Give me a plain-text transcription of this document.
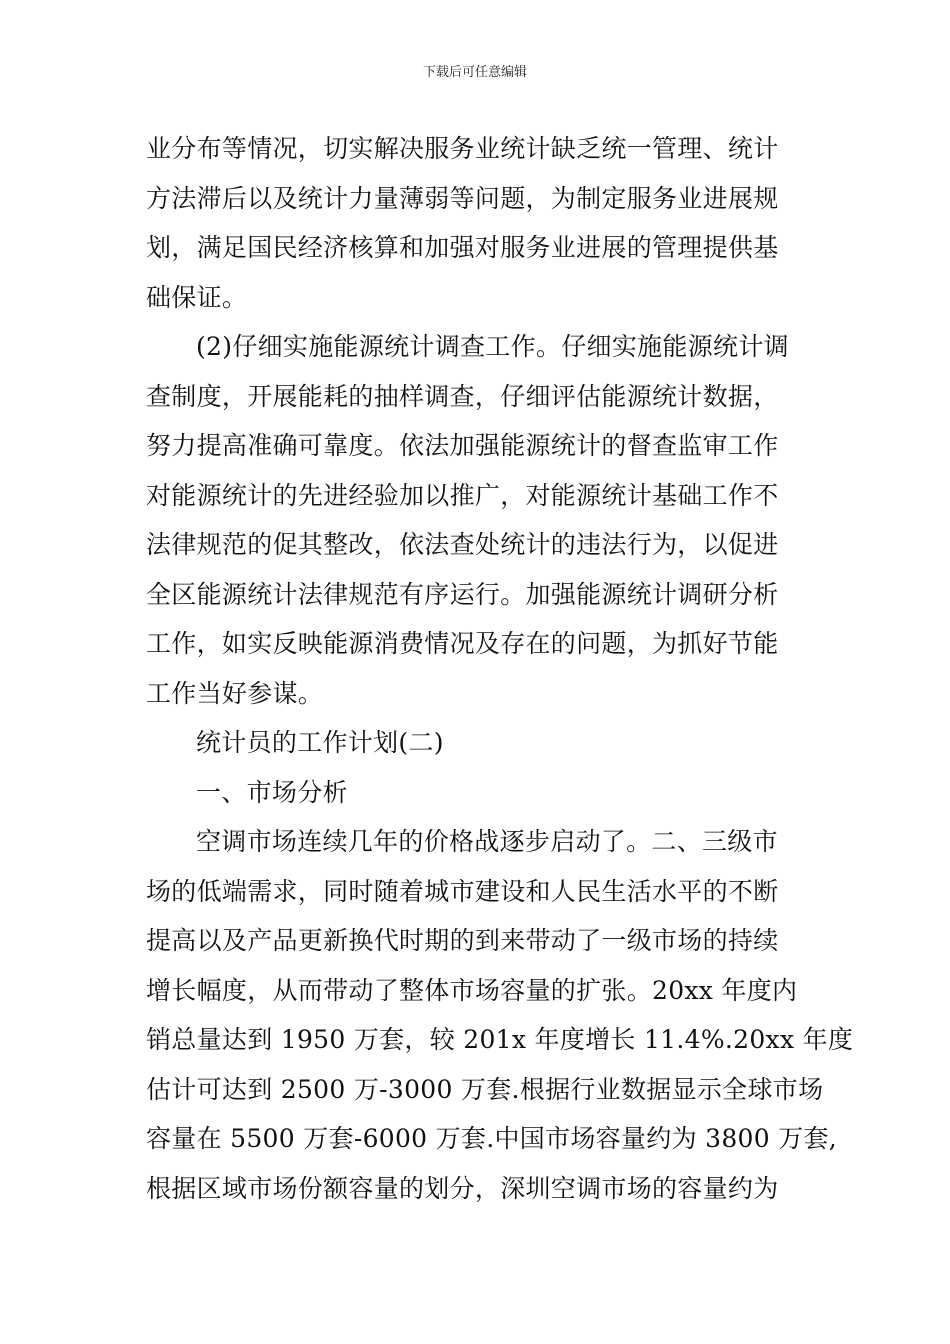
下载后可任意编辑
业分布等情况，切实解决服务业统计缺乏统一管理、统计
方法滞后以及统计力量薄弱等问题，为制定服务业进展规
划，满足国民经济核算和加强对服务业进展的管理提供基
础保证。
(2)仔细实施能源统计调查工作。仔细实施能源统计调
查制度，开展能耗的抽样调查，仔细评估能源统计数据，
努力提高准确可靠度。依法加强能源统计的督查监审工作
对能源统计的先进经验加以推广，对能源统计基础工作不
法律规范的促其整改，依法查处统计的违法行为，以促进
全区能源统计法律规范有序运行。加强能源统计调研分析
工作，如实反映能源消费情况及存在的问题，为抓好节能
工作当好参谋。
统计员的工作计划(二)
一、市场分析
空调市场连续几年的价格战逐步启动了。二、三级市
场的低端需求，同时随着城市建设和人民生活水平的不断
提高以及产品更新换代时期的到来带动了一级市场的持续
增长幅度，从而带动了整体市场容量的扩张。20xx 年度内
销总量达到 1950 万套，较 201x 年度增长 11.4%.20xx 年度
估计可达到 2500 万-3000 万套.根据行业数据显示全球市场
容量在 5500 万套-6000 万套.中国市场容量约为 3800 万套,
根据区域市场份额容量的划分，深圳空调市场的容量约为
